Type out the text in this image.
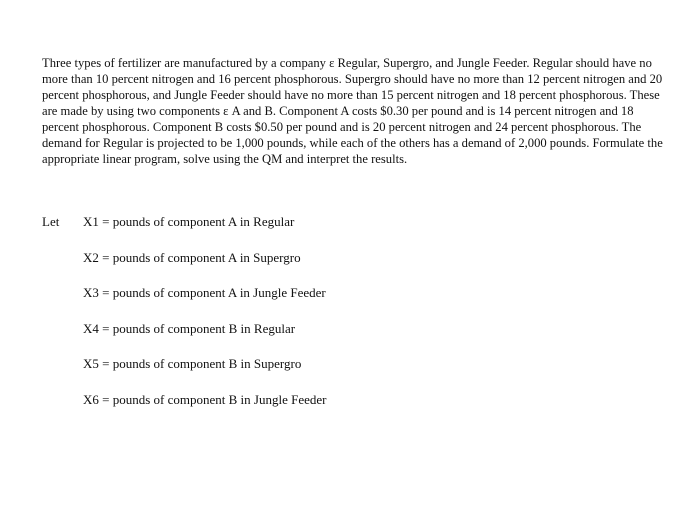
Three types of fertilizer are manufactured by a company ε Regular, Supergro, and Jungle Feeder. Regular should have no more than 10 percent nitrogen and 16 percent phosphorous. Supergro should have no more than 12 percent nitrogen and 20 percent phosphorous, and Jungle Feeder should have no more than 15 percent nitrogen and 18 percent phosphorous. These are made by using two components ε A and B. Component A costs $0.30 per pound and is 14 percent nitrogen and 18 percent phosphorous. Component B costs $0.50 per pound and is 20 percent nitrogen and 24 percent phosphorous. The demand for Regular is projected to be 1,000 pounds, while each of the others has a demand of 2,000 pounds. Formulate the appropriate linear program, solve using the QM and interpret the results.

Let X1 = pounds of component A in Regular
X2 = pounds of component A in Supergro
X3 = pounds of component A in Jungle Feeder
X4 = pounds of component B in Regular
X5 = pounds of component B in Supergro
X6 = pounds of component B in Jungle Feeder
